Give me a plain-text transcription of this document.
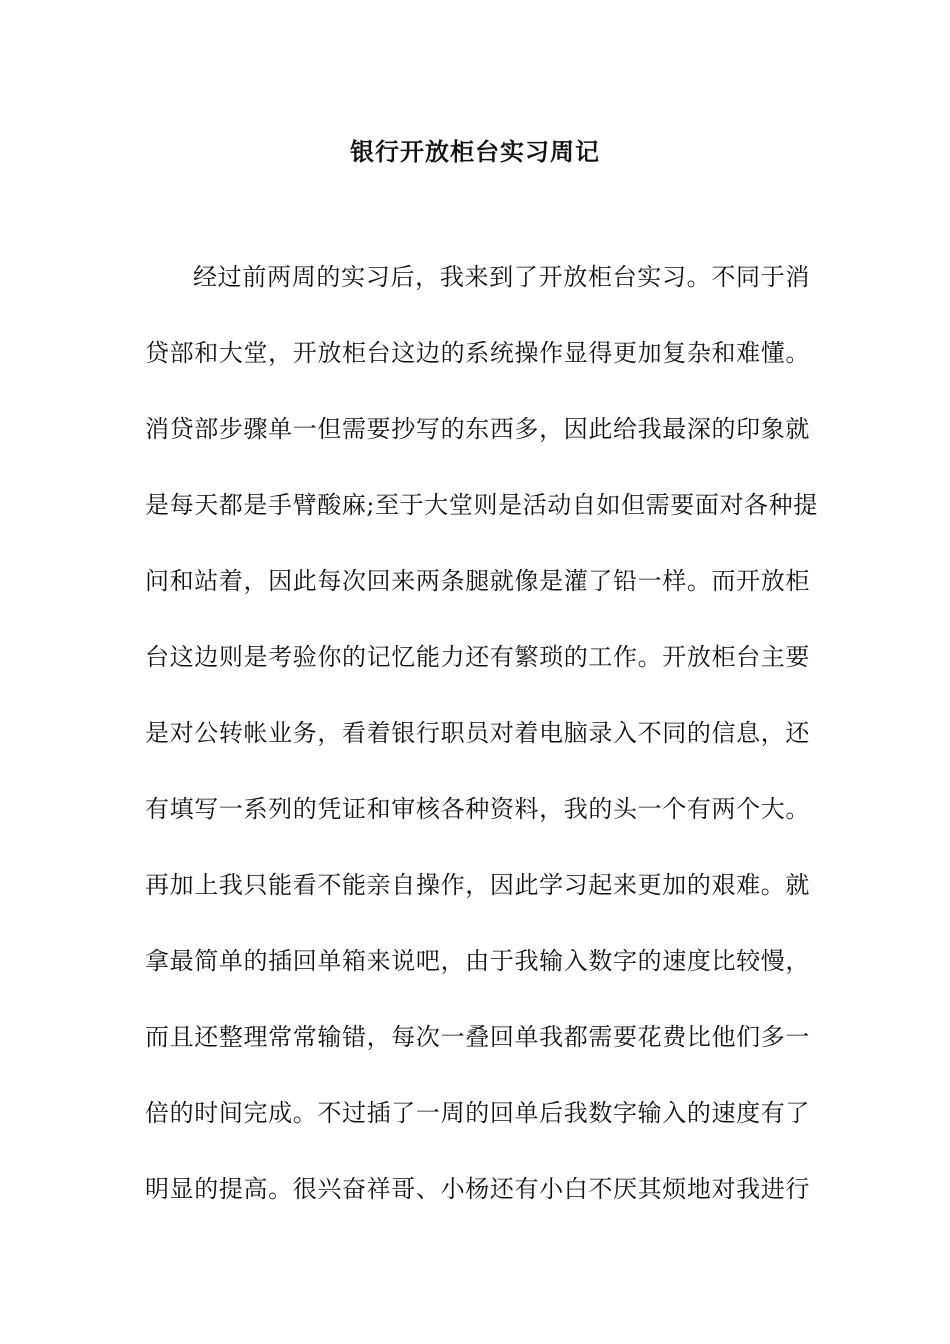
银行开放柜台实习周记
经过前两周的实习后，我来到了开放柜台实习。不同于消
贷部和大堂，开放柜台这边的系统操作显得更加复杂和难懂。
消贷部步骤单一但需要抄写的东西多，因此给我最深的印象就
是每天都是手臂酸麻;至于大堂则是活动自如但需要面对各种提
问和站着，因此每次回来两条腿就像是灌了铅一样。而开放柜
台这边则是考验你的记忆能力还有繁琐的工作。开放柜台主要
是对公转帐业务，看着银行职员对着电脑录入不同的信息，还
有填写一系列的凭证和审核各种资料，我的头一个有两个大。
再加上我只能看不能亲自操作，因此学习起来更加的艰难。就
拿最简单的插回单箱来说吧，由于我输入数字的速度比较慢，
而且还整理常常输错，每次一叠回单我都需要花费比他们多一
倍的时间完成。不过插了一周的回单后我数字输入的速度有了
明显的提高。很兴奋祥哥、小杨还有小白不厌其烦地对我进行
